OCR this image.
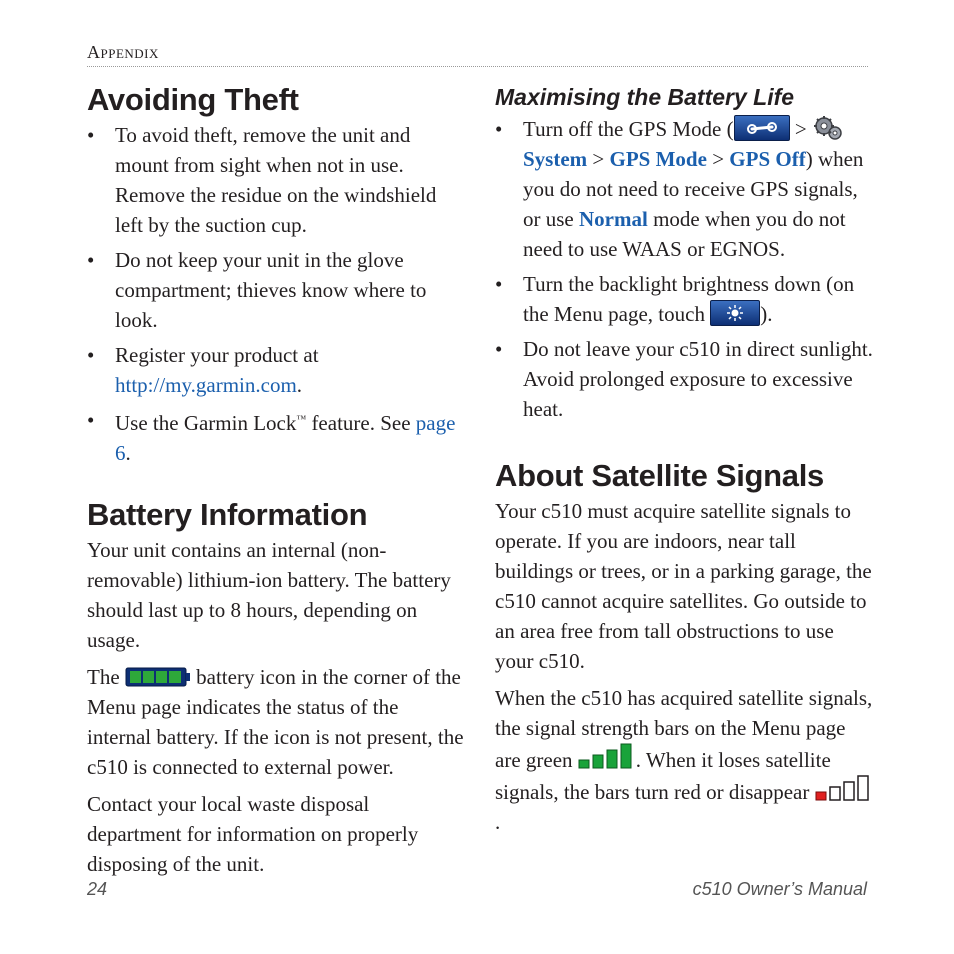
APPENDIX
Avoiding Theft
• To avoid theft, remove the unit and mount from sight when not in use. Remove the residue on the windshield left by the suction cup.
• Do not keep your unit in the glove compartment; thieves know where to look.
• Register your product at http://my.garmin.com.
• Use the Garmin Lock™ feature. See page 6.
Battery Information

Your unit contains an internal (non-removable) lithium-ion battery. The battery should last up to 8 hours, depending on usage.

The	battery icon in the corner of the Menu page indicates the status of the internal battery. If the icon is not present, the c510 is connected to external power.

Contact your local waste disposal department for information on properly disposing of the unit.

Maximising the Battery Life
• Turn off the GPS Mode (	>
System > GPS Mode > GPS Off) when you do not need to receive GPS signals, or use Normal mode when you do not need to use WAAS or EGNOS.
• Turn the backlight brightness down (on the Menu page, touch
).
• Do not leave your c510 in direct sunlight. Avoid prolonged exposure to excessive heat.
About Satellite Signals

Your c510 must acquire satellite signals to operate. If you are indoors, near tall buildings or trees, or in a parking garage, the c510 cannot acquire satellites. Go outside to an area free from tall obstructions to use your c510.

When the c510 has acquired satellite signals, the signal strength bars on the Menu page are green	. When it loses satellite signals, the bars turn red or disappear .

24	c510 Owner’s Manual
